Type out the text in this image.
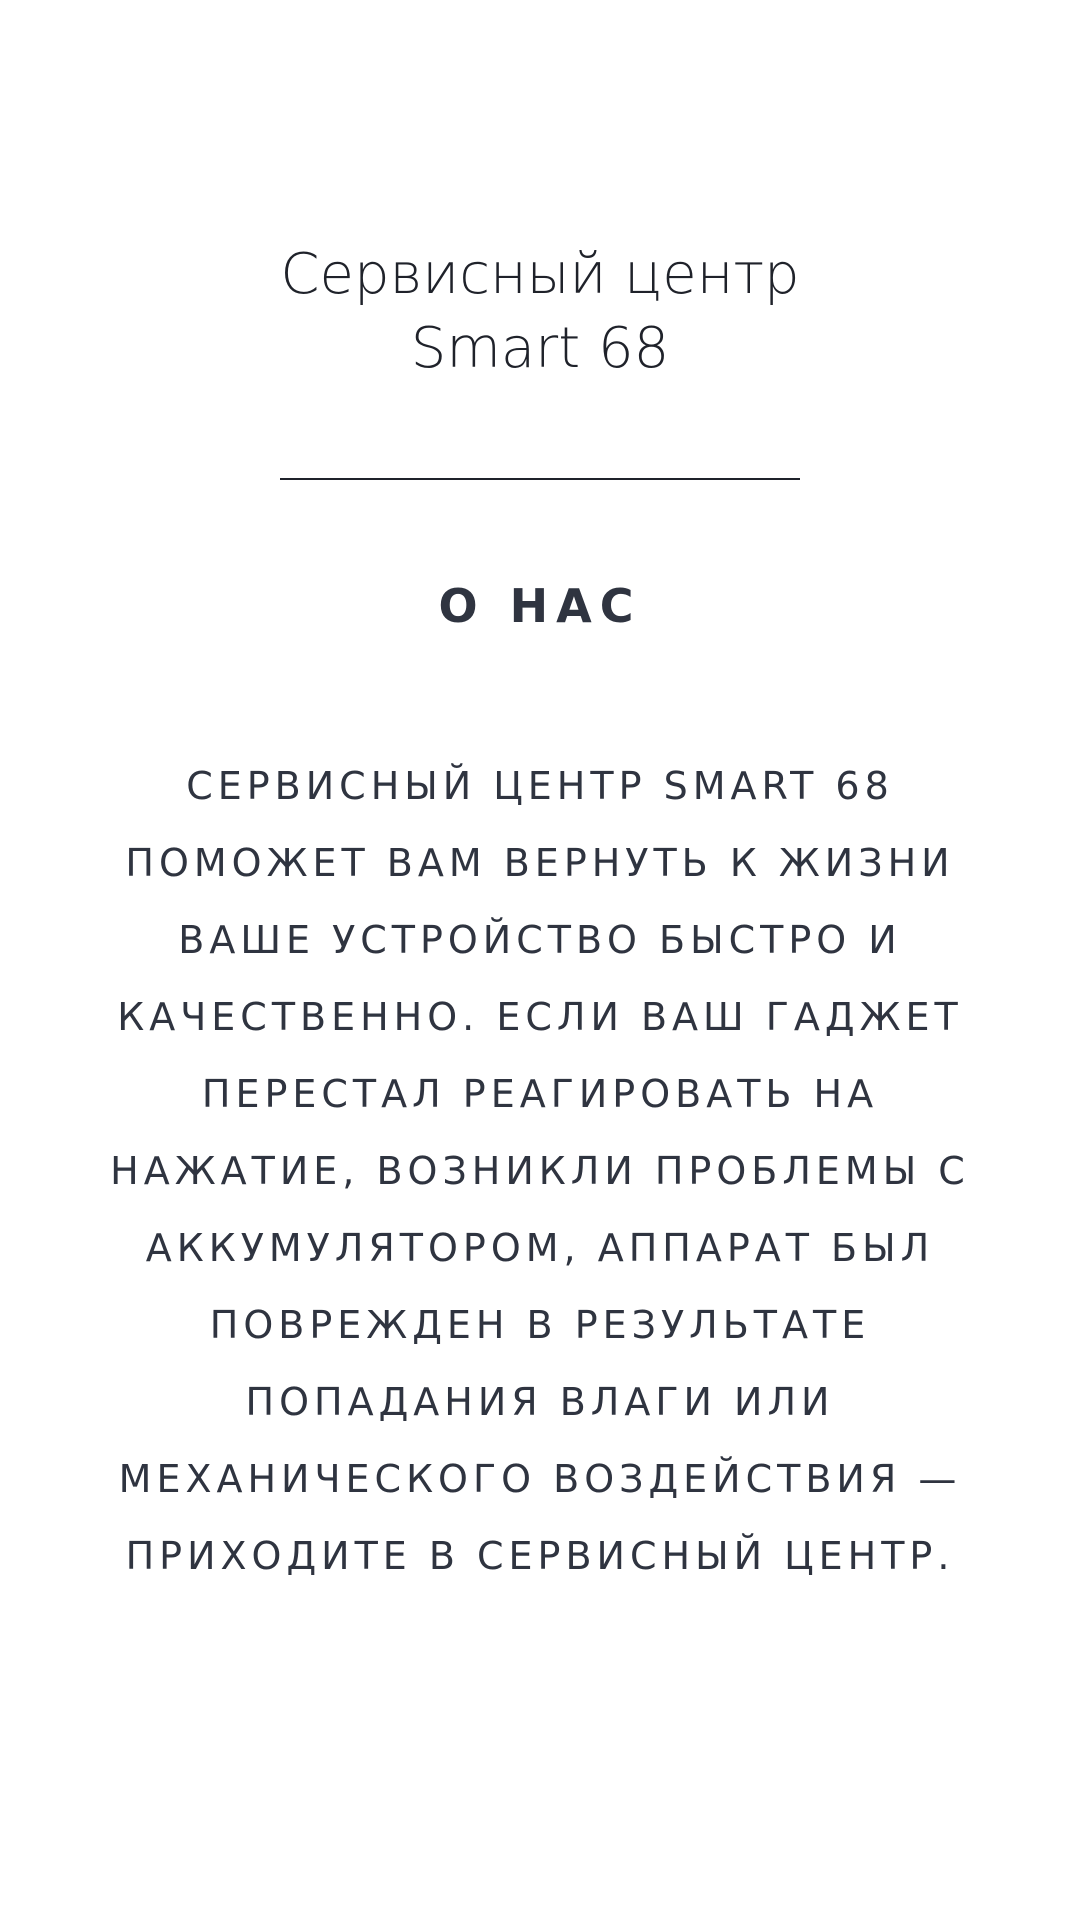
Сервисный центр
Smart 68
О НАС

СЕРВИСНЫЙ ЦЕНТР SMART 68 ПОМОЖЕТ ВАМ ВЕРНУТЬ К ЖИЗНИ ВАШЕ УСТРОЙСТВО БЫСТРО И КАЧЕСТВЕННО. ЕСЛИ ВАШ ГАДЖЕТ ПЕРЕСТАЛ РЕАГИРОВАТЬ НА НАЖАТИЕ, ВОЗНИКЛИ ПРОБЛЕМЫ С АККУМУЛЯТОРОМ, АППАРАТ БЫЛ ПОВРЕЖДЕН В РЕЗУЛЬТАТЕ ПОПАДАНИЯ ВЛАГИ ИЛИ МЕХАНИЧЕСКОГО ВОЗДЕЙСТВИЯ — ПРИХОДИТЕ В СЕРВИСНЫЙ ЦЕНТР.
